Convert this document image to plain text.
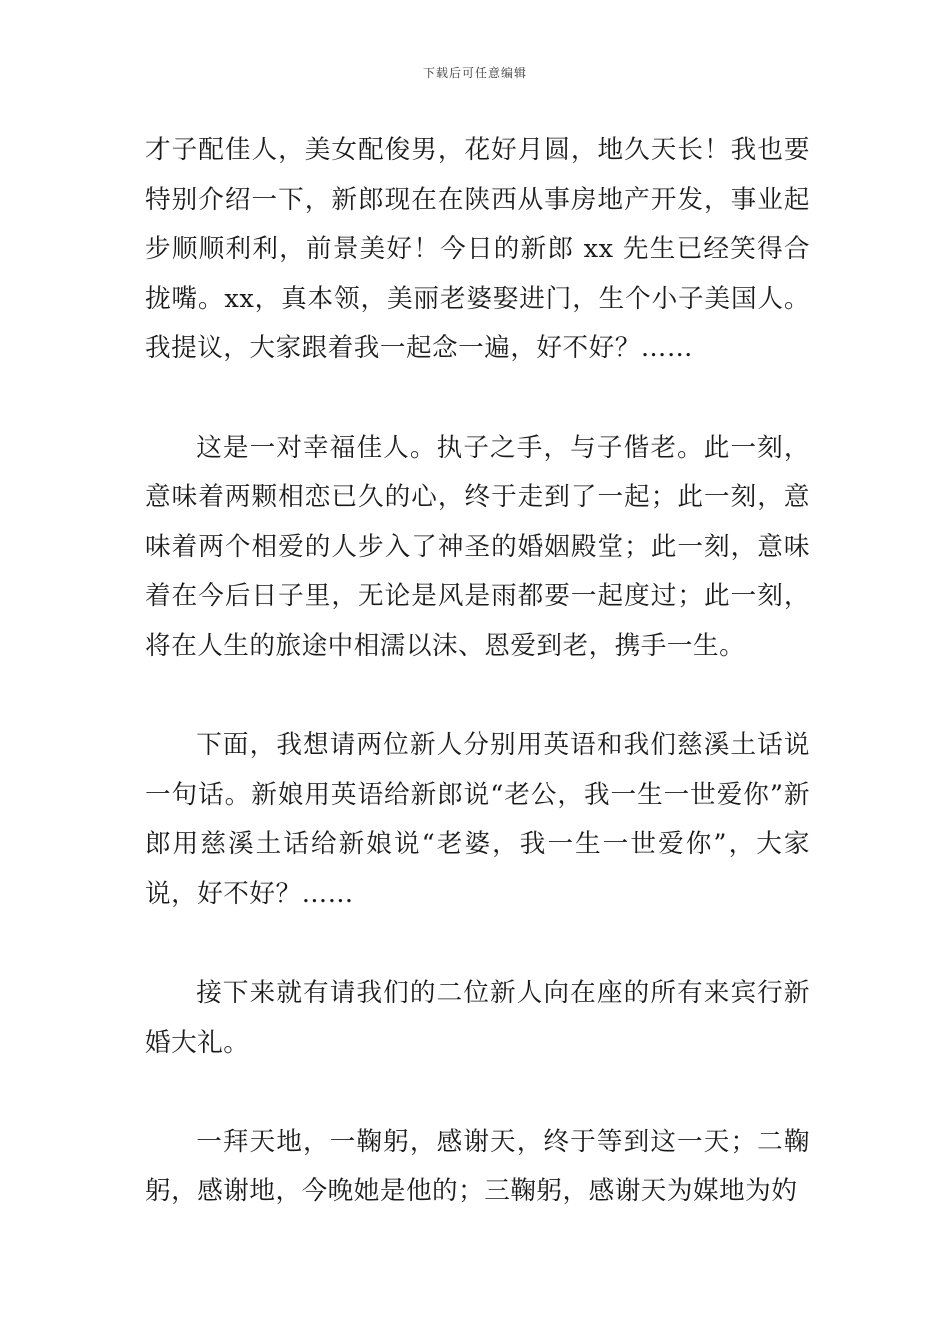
下载后可任意编辑

才子配佳人，美女配俊男，花好月圆，地久天长！我也要特别介绍一下，新郎现在在陕西从事房地产开发，事业起步顺顺利利，前景美好！今日的新郎 xx 先生已经笑得合拢嘴。xx，真本领，美丽老婆娶进门，生个小子美国人。我提议，大家跟着我一起念一遍，好不好？……

这是一对幸福佳人。执子之手，与子偕老。此一刻，意味着两颗相恋已久的心，终于走到了一起；此一刻，意味着两个相爱的人步入了神圣的婚姻殿堂；此一刻，意味着在今后日子里，无论是风是雨都要一起度过；此一刻，将在人生的旅途中相濡以沫、恩爱到老，携手一生。

下面，我想请两位新人分别用英语和我们慈溪土话说一句话。新娘用英语给新郎说“老公，我一生一世爱你”新郎用慈溪土话给新娘说“老婆，我一生一世爱你”，大家说，好不好？……

接下来就有请我们的二位新人向在座的所有来宾行新婚大礼。

一拜天地，一鞠躬，感谢天，终于等到这一天；二鞠躬，感谢地，今晚她是他的；三鞠躬，感谢天为媒地为妁
